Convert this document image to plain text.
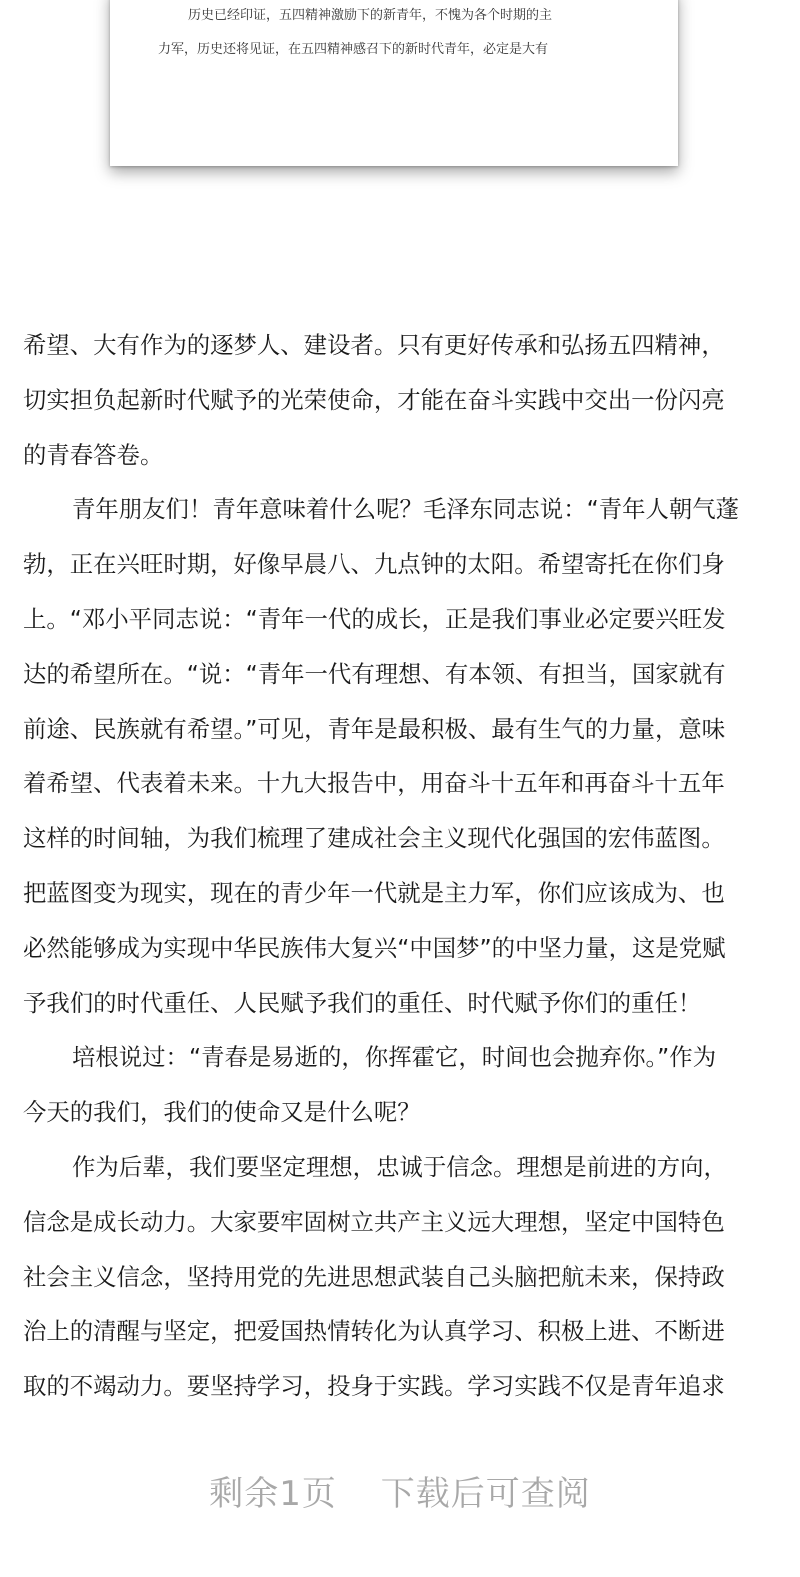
历史已经印证，五四精神激励下的新青年，不愧为各个时期的主
力军，历史还将见证，在五四精神感召下的新时代青年，必定是大有
希望、大有作为的逐梦人、建设者。只有更好传承和弘扬五四精神，
切实担负起新时代赋予的光荣使命，才能在奋斗实践中交出一份闪亮
的青春答卷。
青年朋友们！青年意味着什么呢？毛泽东同志说：“青年人朝气蓬
勃，正在兴旺时期，好像早晨八、九点钟的太阳。希望寄托在你们身
上。“邓小平同志说：“青年一代的成长，正是我们事业必定要兴旺发
达的希望所在。“说：“青年一代有理想、有本领、有担当，国家就有
前途、民族就有希望。”可见，青年是最积极、最有生气的力量，意味
着希望、代表着未来。十九大报告中，用奋斗十五年和再奋斗十五年
这样的时间轴，为我们梳理了建成社会主义现代化强国的宏伟蓝图。
把蓝图变为现实，现在的青少年一代就是主力军，你们应该成为、也
必然能够成为实现中华民族伟大复兴“中国梦”的中坚力量，这是党赋
予我们的时代重任、人民赋予我们的重任、时代赋予你们的重任！
培根说过：“青春是易逝的，你挥霍它，时间也会抛弃你。”作为
今天的我们，我们的使命又是什么呢？
作为后辈，我们要坚定理想，忠诚于信念。理想是前进的方向，
信念是成长动力。大家要牢固树立共产主义远大理想，坚定中国特色
社会主义信念，坚持用党的先进思想武装自己头脑把航未来，保持政
治上的清醒与坚定，把爱国热情转化为认真学习、积极上进、不断进
取的不竭动力。要坚持学习，投身于实践。学习实践不仅是青年追求
剩余1页 下载后可查阅
